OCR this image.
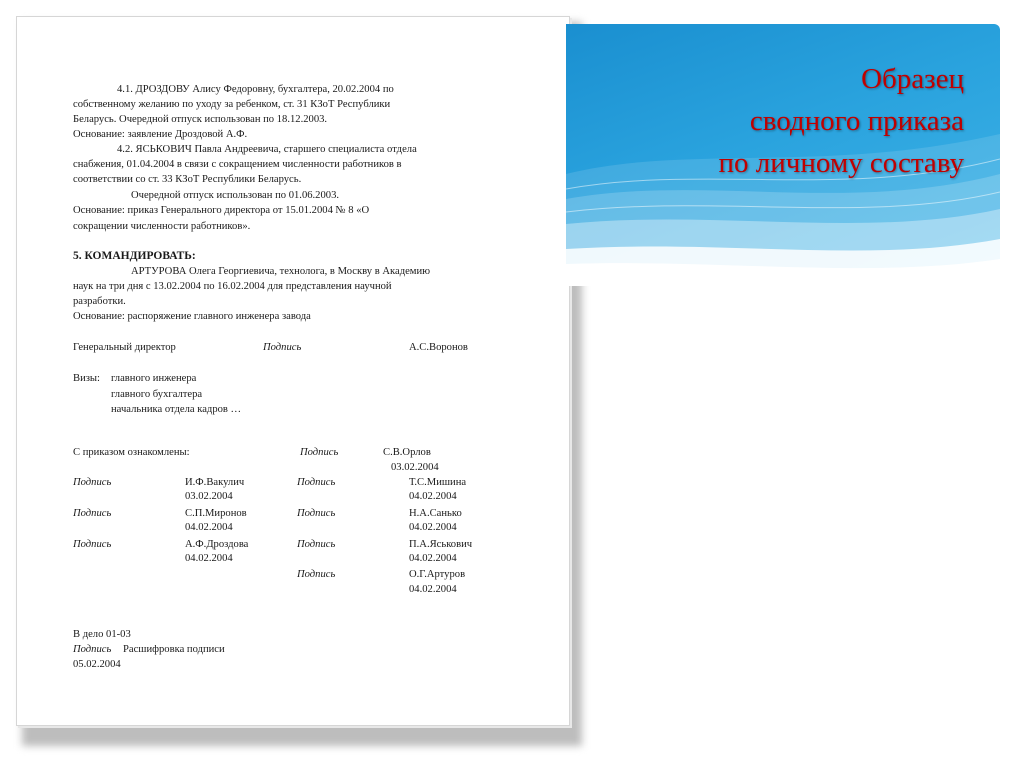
4.1. ДРОЗДОВУ Алису Федоровну, бухгалтера, 20.02.2004 по
собственному желанию по уходу за ребенком, ст. 31 КЗоТ Республики
Беларусь. Очередной отпуск использован по 18.12.2003.
Основание: заявление Дроздовой А.Ф.
4.2. ЯСЬКОВИЧ Павла Андреевича, старшего специалиста отдела
снабжения, 01.04.2004 в связи с сокращением численности работников в
соответствии со ст. 33 КЗоТ Республики Беларусь.
Очередной отпуск использован по 01.06.2003.
Основание: приказ Генерального директора от 15.01.2004 № 8 «О
сокращении численности работников».
5. КОМАНДИРОВАТЬ:
АРТУРОВА Олега Георгиевича, технолога, в Москву в Академию
наук на три дня с 13.02.2004 по 16.02.2004 для представления научной
разработки.
Основание: распоряжение главного инженера завода
Генеральный директор	Подпись	А.С.Воронов
Визы: главного инженера
главного бухгалтера
начальника отдела кадров …
С приказом ознакомлены:	Подпись	С.В.Орлов
03.02.2004
Подпись	И.Ф.Вакулич
03.02.2004
Подпись	Т.С.Мишина
04.02.2004
Подпись	С.П.Миронов
04.02.2004
Подпись	Н.А.Санько
04.02.2004
Подпись	А.Ф.Дроздова
04.02.2004
Подпись	П.А.Яськович
04.02.2004
Подпись	О.Г.Артуров
04.02.2004
В дело 01-03
Подпись Расшифровка подписи
05.02.2004
Образец
сводного приказа
по личному составу
